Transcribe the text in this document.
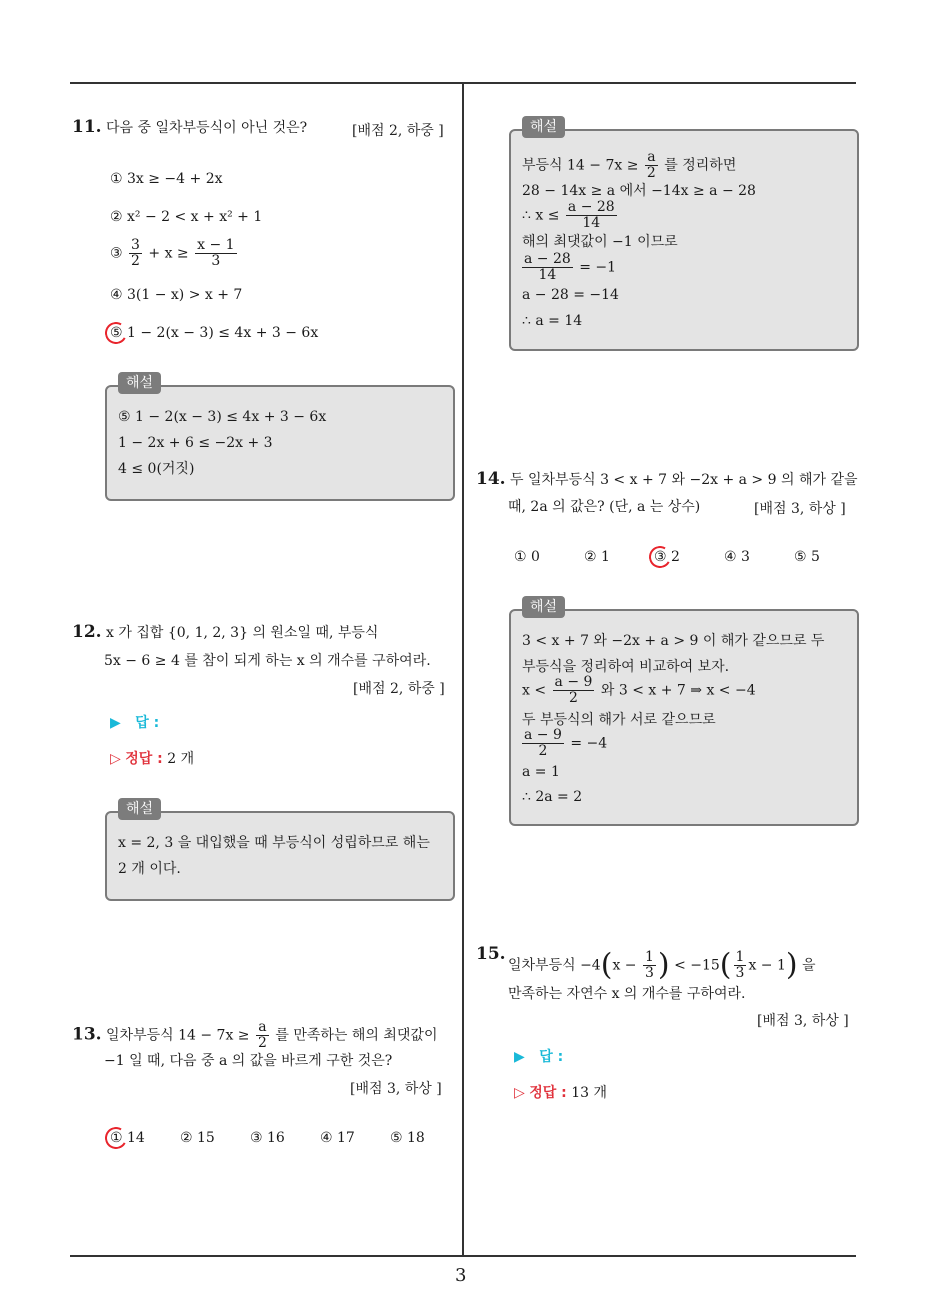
3
11. 다음 중 일차부등식이 아닌 것은?	[배점 2, 하중 ]
① 3x ≥ −4 + 2x
② x² − 2 < x + x² + 1
③ $\frac{3}{2} + x \ge \frac{x - 1}{3}$
④ 3(1 − x) > x + 7
⑤ 1 − 2(x − 3) ≤ 4x + 3 − 6x
해설
⑤ 1 − 2(x − 3) ≤ 4x + 3 − 6x
1 − 2x + 6 ≤ −2x + 3
4 ≤ 0(거짓)
12. x 가 집합 {0, 1, 2, 3} 의 원소일 때, 부등식
5x − 6 ≥ 4 를 참이 되게 하는 x 의 개수를 구하여라.
[배점 2, 하중 ]
▶ 답 :
▷ 정답 : 2 개
해설
x = 2, 3 을 대입했을 때 부등식이 성립하므로 해는
2 개 이다.
13. 일차부등식 $14 - 7x \ge \frac{a}{2}$ 를 만족하는 해의 최댓값이
−1 일 때, 다음 중 a 의 값을 바르게 구한 것은?
[배점 3, 하상 ]
① 14	② 15	③ 16	④ 17	⑤ 18
해설
부등식 $14 - 7x \ge \frac{a}{2}$ 를 정리하면
28 − 14x ≥ a 에서 −14x ≥ a − 28
∴ $x \le \frac{a - 28}{14}$
해의 최댓값이 −1 이므로
$\frac{a - 28}{14} = -1$
a − 28 = −14
∴ a = 14
14. 두 일차부등식 3 < x + 7 와 −2x + a > 9 의 해가 같을
때, 2a 의 값은? (단, a 는 상수)	[배점 3, 하상 ]
① 0	② 1	③ 2	④ 3	⑤ 5
해설
3 < x + 7 와 −2x + a > 9 이 해가 같으므로 두
부등식을 정리하여 비교하여 보자.
$x < \frac{a - 9}{2}$ 와 3 < x + 7 ⇒ x < −4
두 부등식의 해가 서로 같으므로
$\frac{a - 9}{2} = -4$
a = 1
∴ 2a = 2
15.
일차부등식 $-4(x - \frac{1}{3}$ ) < $-15( \frac{1}{3}$ x − 1) 을
만족하는 자연수 x 의 개수를 구하여라.
[배점 3, 하상 ]
▶ 답 :
▷ 정답 : 13 개
